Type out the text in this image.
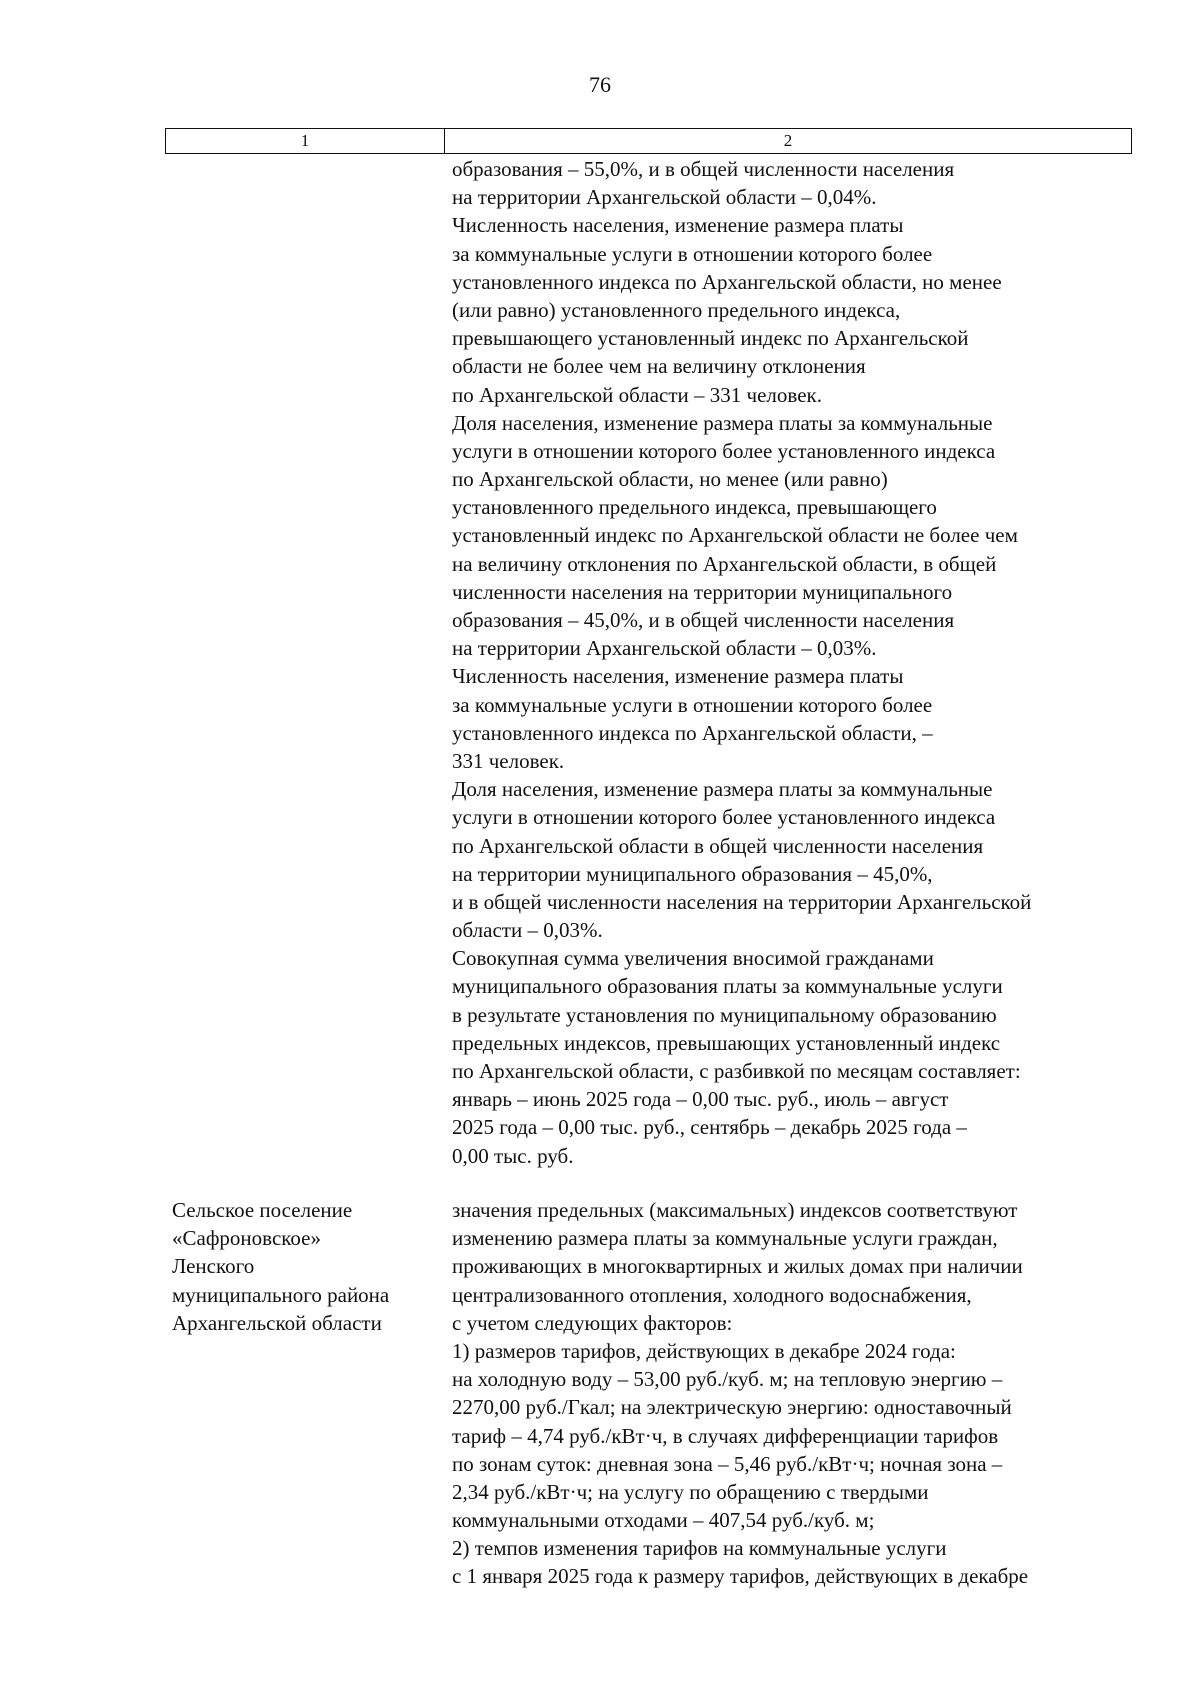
76
1	2
образования – 55,0%, и в общей численности населения
на территории Архангельской области – 0,04%.
Численность населения, изменение размера платы
за коммунальные услуги в отношении которого более
установленного индекса по Архангельской области, но менее
(или равно) установленного предельного индекса,
превышающего установленный индекс по Архангельской
области не более чем на величину отклонения
по Архангельской области – 331 человек.
Доля населения, изменение размера платы за коммунальные
услуги в отношении которого более установленного индекса
по Архангельской области, но менее (или равно)
установленного предельного индекса, превышающего
установленный индекс по Архангельской области не более чем
на величину отклонения по Архангельской области, в общей
численности населения на территории муниципального
образования – 45,0%, и в общей численности населения
на территории Архангельской области – 0,03%.
Численность населения, изменение размера платы
за коммунальные услуги в отношении которого более
установленного индекса по Архангельской области, –
331 человек.
Доля населения, изменение размера платы за коммунальные
услуги в отношении которого более установленного индекса
по Архангельской области в общей численности населения
на территории муниципального образования – 45,0%,
и в общей численности населения на территории Архангельской
области – 0,03%.
Совокупная сумма увеличения вносимой гражданами
муниципального образования платы за коммунальные услуги
в результате установления по муниципальному образованию
предельных индексов, превышающих установленный индекс
по Архангельской области, с разбивкой по месяцам составляет:
январь – июнь 2025 года – 0,00 тыс. руб., июль – август
2025 года – 0,00 тыс. руб., сентябрь – декабрь 2025 года –
0,00 тыс. руб.
Сельское поселение
«Сафроновское»
Ленского
муниципального района
Архангельской области
значения предельных (максимальных) индексов соответствуют
изменению размера платы за коммунальные услуги граждан,
проживающих в многоквартирных и жилых домах при наличии
централизованного отопления, холодного водоснабжения,
с учетом следующих факторов:
1) размеров тарифов, действующих в декабре 2024 года:
на холодную воду – 53,00 руб./куб. м; на тепловую энергию –
2270,00 руб./Гкал; на электрическую энергию: одноставочный
тариф – 4,74 руб./кВт·ч, в случаях дифференциации тарифов
по зонам суток: дневная зона – 5,46 руб./кВт·ч; ночная зона –
2,34 руб./кВт·ч; на услугу по обращению с твердыми
коммунальными отходами – 407,54 руб./куб. м;
2) темпов изменения тарифов на коммунальные услуги
с 1 января 2025 года к размеру тарифов, действующих в декабре
